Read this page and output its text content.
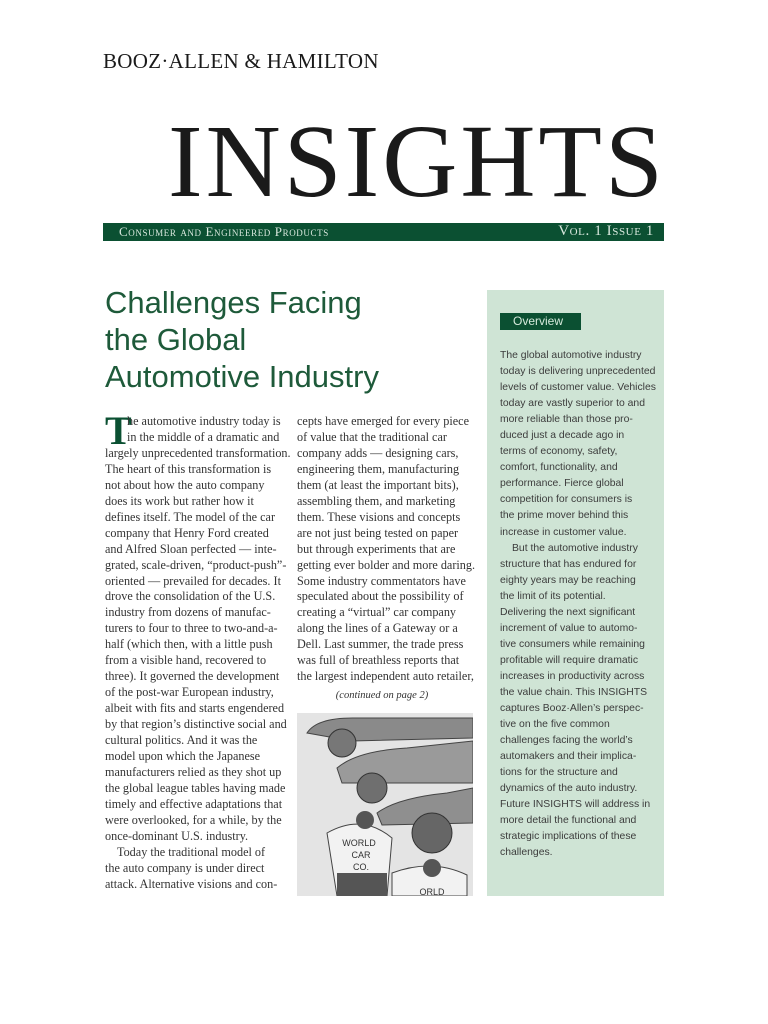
BOOZ·ALLEN & HAMILTON
INSIGHTS
Consumer and Engineered Products	Vol. 1 Issue 1
Challenges Facing
the Global
Automotive Industry
T
he automotive industry today is
in the middle of a dramatic and
largely unprecedented transformation.
The heart of this transformation is
not about how the auto company
does its work but rather how it
defines itself. The model of the car
company that Henry Ford created
and Alfred Sloan perfected — inte-
grated, scale-driven, “product-push”-
oriented — prevailed for decades. It
drove the consolidation of the U.S.
industry from dozens of manufac-
turers to four to three to two-and-a-
half (which then, with a little push
from a visible hand, recovered to
three). It governed the development
of the post-war European industry,
albeit with fits and starts engendered
by that region’s distinctive social and
cultural politics. And it was the
model upon which the Japanese
manufacturers relied as they shot up
the global league tables having made
timely and effective adaptations that
were overlooked, for a while, by the
once-dominant U.S. industry.
Today the traditional model of
the auto company is under direct
attack. Alternative visions and con-
cepts have emerged for every piece
of value that the traditional car
company adds — designing cars,
engineering them, manufacturing
them (at least the important bits),
assembling them, and marketing
them. These visions and concepts
are not just being tested on paper
but through experiments that are
getting ever bolder and more daring.
Some industry commentators have
speculated about the possibility of
creating a “virtual” car company
along the lines of a Gateway or a
Dell. Last summer, the trade press
was full of breathless reports that
the largest independent auto retailer,
(continued on page 2)
WORLD
CAR
CO.
ORLD
Overview
The global automotive industry
today is delivering unprecedented
levels of customer value. Vehicles
today are vastly superior to and
more reliable than those pro-
duced just a decade ago in
terms of economy, safety,
comfort, functionality, and
performance. Fierce global
competition for consumers is
the prime mover behind this
increase in customer value.
But the automotive industry
structure that has endured for
eighty years may be reaching
the limit of its potential.
Delivering the next significant
increment of value to automo-
tive consumers while remaining
profitable will require dramatic
increases in productivity across
the value chain. This INSIGHTS
captures Booz·Allen’s perspec-
tive on the five common
challenges facing the world’s
automakers and their implica-
tions for the structure and
dynamics of the auto industry.
Future INSIGHTS will address in
more detail the functional and
strategic implications of these
challenges.
